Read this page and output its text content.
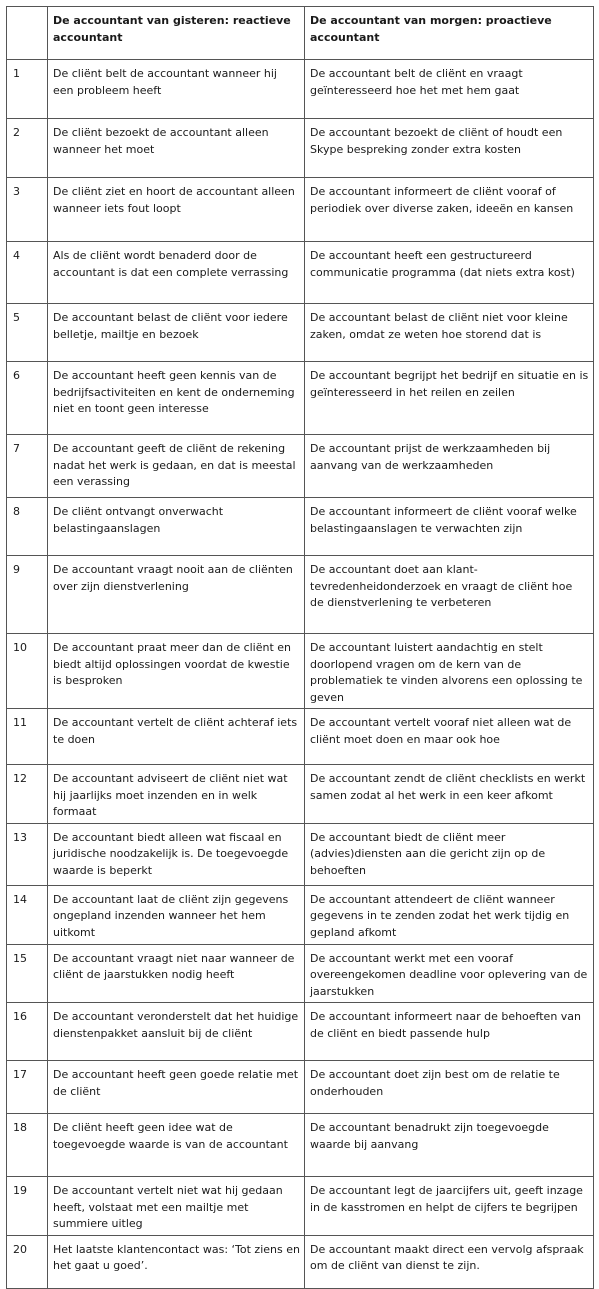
	De accountant van gisteren: reactieve accountant	De accountant van morgen: proactieve accountant
1	De cliënt belt de accountant wanneer hij een probleem heeft	De accountant belt de cliënt en vraagt geïnteresseerd hoe het met hem gaat
2	De cliënt bezoekt de accountant alleen wanneer het moet	De accountant bezoekt de cliënt of houdt een Skype bespreking zonder extra kosten
3	De cliënt ziet en hoort de accountant alleen wanneer iets fout loopt	De accountant informeert de cliënt vooraf of periodiek over diverse zaken, ideeën en kansen
4	Als de cliënt wordt benaderd door de accountant is dat een complete verrassing	De accountant heeft een gestructureerd communicatie programma (dat niets extra kost)
5	De accountant belast de cliënt voor iedere belletje, mailtje en bezoek	De accountant belast de cliënt niet voor kleine zaken, omdat ze weten hoe storend dat is
6	De accountant heeft geen kennis van de bedrijfsactiviteiten en kent de onderneming niet en toont geen interesse	De accountant begrijpt het bedrijf en situatie en is geïnteresseerd in het reilen en zeilen
7	De accountant geeft de cliënt de rekening nadat het werk is gedaan, en dat is meestal een verassing	De accountant prijst de werkzaamheden bij aanvang van de werkzaamheden
8	De cliënt ontvangt onverwacht belastingaanslagen	De accountant informeert de cliënt vooraf welke belastingaanslagen te verwachten zijn
9	De accountant vraagt nooit aan de cliënten over zijn dienstverlening	De accountant doet aan klant-tevredenheidonderzoek en vraagt de cliënt hoe de dienstverlening te verbeteren
10	De accountant praat meer dan de cliënt en biedt altijd oplossingen voordat de kwestie is besproken	De accountant luistert aandachtig en stelt doorlopend vragen om de kern van de problematiek te vinden alvorens een oplossing te geven
11	De accountant vertelt de cliënt achteraf iets te doen	De accountant vertelt vooraf niet alleen wat de cliënt moet doen en maar ook hoe
12	De accountant adviseert de cliënt niet wat hij jaarlijks moet inzenden en in welk formaat	De accountant zendt de cliënt checklists en werkt samen zodat al het werk in een keer afkomt
13	De accountant biedt alleen wat fiscaal en juridische noodzakelijk is. De toegevoegde waarde is beperkt	De accountant biedt de cliënt meer (advies)diensten aan die gericht zijn op de behoeften
14	De accountant laat de cliënt zijn gegevens ongepland inzenden wanneer het hem uitkomt	De accountant attendeert de cliënt wanneer gegevens in te zenden zodat het werk tijdig en gepland afkomt
15	De accountant vraagt niet naar wanneer de cliënt de jaarstukken nodig heeft	De accountant werkt met een vooraf overeengekomen deadline voor oplevering van de jaarstukken
16	De accountant veronderstelt dat het huidige dienstenpakket aansluit bij de cliënt	De accountant informeert naar de behoeften van de cliënt en biedt passende hulp
17	De accountant heeft geen goede relatie met de cliënt	De accountant doet zijn best om de relatie te onderhouden
18	De cliënt heeft geen idee wat de toegevoegde waarde is van de accountant	De accountant benadrukt zijn toegevoegde waarde bij aanvang
19	De accountant vertelt niet wat hij gedaan heeft, volstaat met een mailtje met summiere uitleg	De accountant legt de jaarcijfers uit, geeft inzage in de kasstromen en helpt de cijfers te begrijpen
20	Het laatste klantencontact was: ‘Tot ziens en het gaat u goed’.	De accountant maakt direct een vervolg afspraak om de cliënt van dienst te zijn.
